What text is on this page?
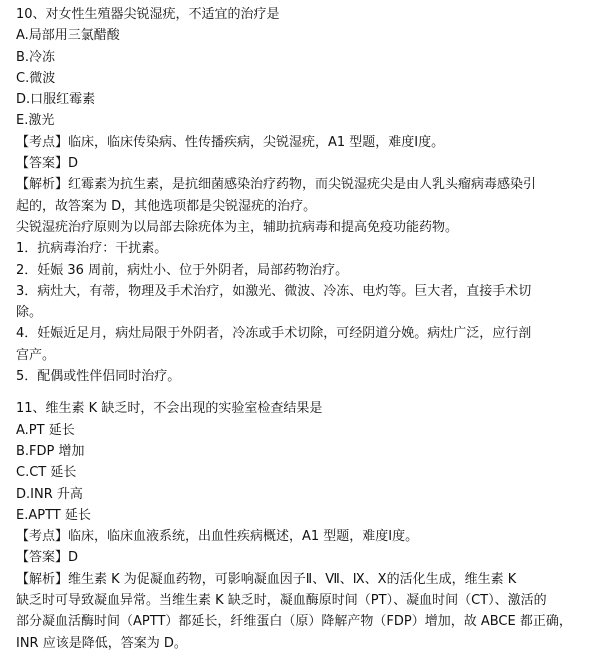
10、对女性生殖器尖锐湿疣，不适宜的治疗是
A.局部用三氯醋酸
B.冷冻
C.微波
D.口服红霉素
E.激光
【考点】临床，临床传染病、性传播疾病，尖锐湿疣，A1 型题，难度Ⅰ度。
【答案】D
【解析】红霉素为抗生素，是抗细菌感染治疗药物，而尖锐湿疣尖是由人乳头瘤病毒感染引
起的，故答案为 D，其他选项都是尖锐湿疣的治疗。
尖锐湿疣治疗原则为以局部去除疣体为主，辅助抗病毒和提高免疫功能药物。
1．抗病毒治疗：干扰素。
2．妊娠 36 周前，病灶小、位于外阴者，局部药物治疗。
3．病灶大，有蒂，物理及手术治疗，如激光、微波、冷冻、电灼等。巨大者，直接手术切
除。
4．妊娠近足月，病灶局限于外阴者，冷冻或手术切除，可经阴道分娩。病灶广泛，应行剖
宫产。
5．配偶或性伴侣同时治疗。
11、维生素 K 缺乏时，不会出现的实验室检查结果是
A.PT 延长
B.FDP 增加
C.CT 延长
D.INR 升高
E.APTT 延长
【考点】临床，临床血液系统，出血性疾病概述，A1 型题，难度Ⅰ度。
【答案】D
【解析】维生素 K 为促凝血药物，可影响凝血因子Ⅱ、Ⅶ、Ⅸ、Ⅹ的活化生成，维生素 K
缺乏时可导致凝血异常。当维生素 K 缺乏时，凝血酶原时间（PT）、凝血时间（CT）、激活的
部分凝血活酶时间（APTT）都延长，纤维蛋白（原）降解产物（FDP）增加，故 ABCE 都正确，
INR 应该是降低，答案为 D。
